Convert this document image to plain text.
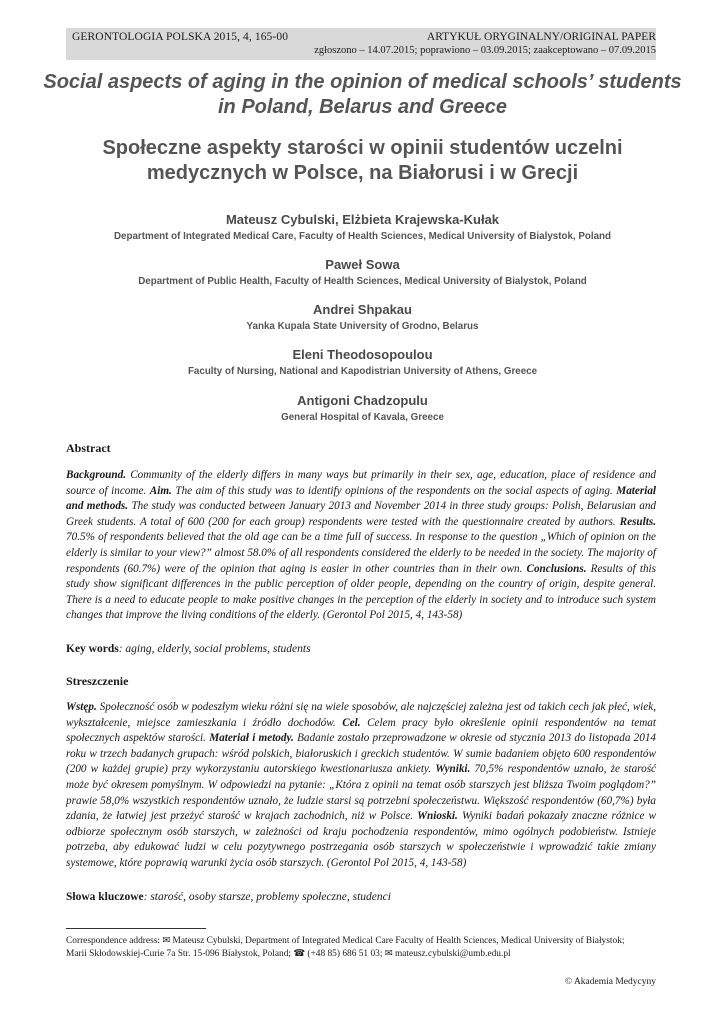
GERONTOLOGIA POLSKA 2015, 4, 165-00	ARTYKUŁ ORYGINALNY/ORIGINAL PAPER
zgłoszono – 14.07.2015; poprawiono – 03.09.2015; zaakceptowano – 07.09.2015
Social aspects of aging in the opinion of medical schools’ students in Poland, Belarus and Greece
Społeczne aspekty starości w opinii studentów uczelni medycznych w Polsce, na Białorusi i w Grecji
Mateusz Cybulski, Elżbieta Krajewska-Kułak
Department of Integrated Medical Care, Faculty of Health Sciences, Medical University of Bialystok, Poland
Paweł Sowa
Department of Public Health, Faculty of Health Sciences, Medical University of Bialystok, Poland
Andrei Shpakau
Yanka Kupala State University of Grodno, Belarus
Eleni Theodosopoulou
Faculty of Nursing, National and Kapodistrian University of Athens, Greece
Antigoni Chadzopulu
General Hospital of Kavala, Greece
Abstract

Background. Community of the elderly differs in many ways but primarily in their sex, age, education, place of residence and source of income. Aim. The aim of this study was to identify opinions of the respondents on the social aspects of aging. Material and methods. The study was conducted between January 2013 and November 2014 in three study groups: Polish, Belarusian and Greek students. A total of 600 (200 for each group) respondents were tested with the questionnaire created by authors. Results. 70.5% of respondents believed that the old age can be a time full of success. In response to the question „Which of opinion on the elderly is similar to your view?” almost 58.0% of all respondents considered the elderly to be needed in the society. The majority of respondents (60.7%) were of the opinion that aging is easier in other countries than in their own. Conclusions. Results of this study show significant differences in the public perception of older people, depending on the country of origin, despite general. There is a need to educate people to make positive changes in the perception of the elderly in society and to introduce such system changes that improve the living conditions of the elderly. (Gerontol Pol 2015, 4, 143-58)

Key words: aging, elderly, social problems, students
Streszczenie

Wstęp. Społeczność osób w podeszłym wieku różni się na wiele sposobów, ale najczęściej zależna jest od takich cech jak płeć, wiek, wykształcenie, miejsce zamieszkania i źródło dochodów. Cel. Celem pracy było określenie opinii respondentów na temat społecznych aspektów starości. Materiał i metody. Badanie zostało przeprowadzone w okresie od stycznia 2013 do listopada 2014 roku w trzech badanych grupach: wśród polskich, białoruskich i greckich studentów. W sumie badaniem objęto 600 respondentów (200 w każdej grupie) przy wykorzystaniu autorskiego kwestionariusza ankiety. Wyniki. 70,5% respondentów uznało, że starość może być okresem pomyślnym. W odpowiedzi na pytanie: „Która z opinii na temat osób starszych jest bliższa Twoim poglądom?” prawie 58,0% wszystkich respondentów uznało, że ludzie starsi są potrzebni społeczeństwu. Większość respondentów (60,7%) była zdania, że łatwiej jest przeżyć starość w krajach zachodnich, niż w Polsce. Wnioski. Wyniki badań pokazały znaczne różnice w odbiorze społecznym osób starszych, w zależności od kraju pochodzenia respondentów, mimo ogólnych podobieństw. Istnieje potrzeba, aby edukować ludzi w celu pozytywnego postrzegania osób starszych w społeczeństwie i wprowadzić takie zmiany systemowe, które poprawią warunki życia osób starszych. (Gerontol Pol 2015, 4, 143-58)

Słowa kluczowe: starość, osoby starsze, problemy społeczne, studenci
Correspondence address: ✉ Mateusz Cybulski, Department of Integrated Medical Care Faculty of Health Sciences, Medical University of Białystok;
Marii Skłodowskiej-Curie 7a Str. 15-096 Białystok, Poland; ☎ (+48 85) 686 51 03; ✉ mateusz.cybulski@umb.edu.pl
© Akademia Medycyny
